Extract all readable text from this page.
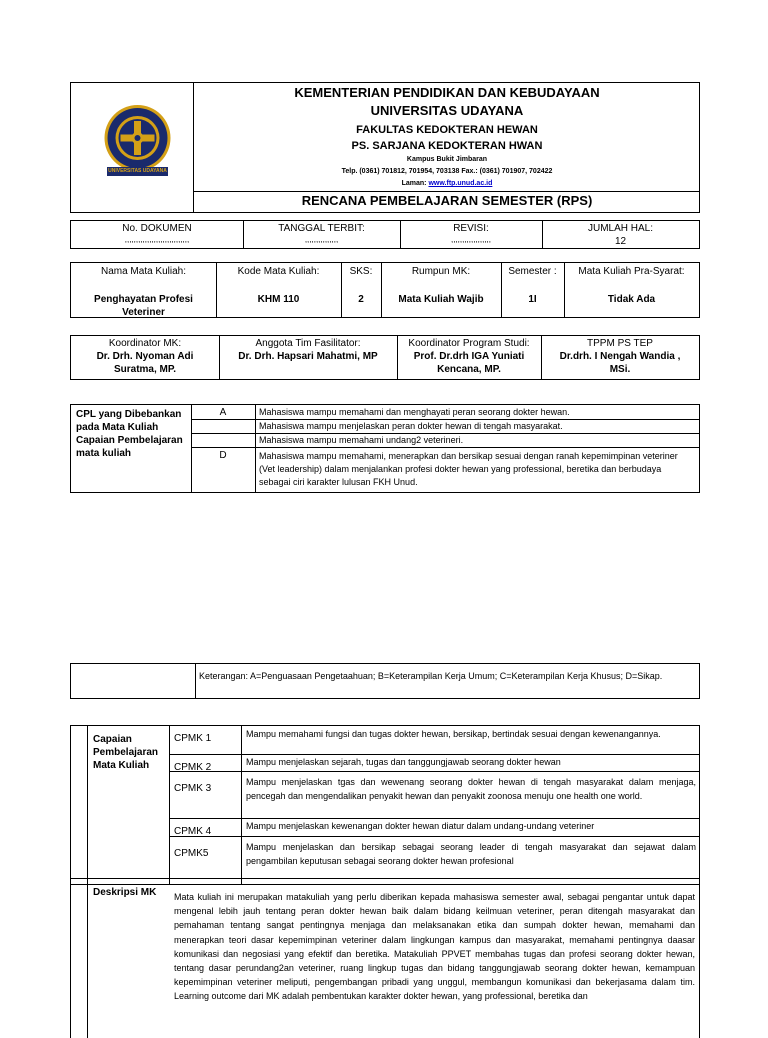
UNIVERSITAS UDAYANA
KEMENTERIAN PENDIDIKAN DAN KEBUDAYAAN
UNIVERSITAS UDAYANA
FAKULTAS KEDOKTERAN HEWAN
PS. SARJANA KEDOKTERAN HWAN
Kampus Bukit Jimbaran
Telp. (0361) 701812, 701954, 703138 Fax.: (0361) 701907, 702422
Laman: www.ftp.unud.ac.id
RENCANA PEMBELAJARAN SEMESTER (RPS)
No. DOKUMEN
,,,,,,,,,,,,,,,,,,,,,,,,,,,,,
TANGGAL TERBIT:
,,,,,,,,,,,,,,,
REVISI:
,,,,,,,,,,,,,,,,,,
JUMLAH HAL:
12
Nama Mata Kuliah:
Penghayatan Profesi Veteriner
Kode Mata Kuliah:
KHM 110
SKS:
2
Rumpun MK:
Mata Kuliah Wajib
Semester :
1I
Mata Kuliah Pra-Syarat:
Tidak Ada
Koordinator MK:
Dr. Drh. Nyoman Adi Suratma, MP.
Anggota Tim Fasilitator:
Dr. Drh. Hapsari Mahatmi, MP
Koordinator Program Studi:
Prof. Dr.drh IGA Yuniati Kencana, MP.
TPPM PS TEP
Dr.drh. I Nengah Wandia , MSi.
CPL yang Dibebankan pada Mata Kuliah Capaian Pembelajaran mata kuliah
A	Mahasiswa mampu memahami dan menghayati peran seorang dokter hewan.
Mahasiswa mampu menjelaskan peran dokter hewan di tengah masyarakat.
Mahasiswa mampu memahami undang2 veterineri.
D	Mahasiswa mampu memahami, menerapkan dan bersikap sesuai dengan ranah kepemimpinan veteriner (Vet leadership) dalam menjalankan profesi dokter hewan yang professional, beretika dan berbudaya sebagai ciri karakter lulusan FKH Unud.
Keterangan: A=Penguasaan Pengetaahuan; B=Keterampilan Kerja Umum; C=Keterampilan Kerja Khusus; D=Sikap.
Capaian Pembelajaran Mata Kuliah
CPMK 1	Mampu memahami fungsi dan tugas dokter hewan, bersikap, bertindak sesuai dengan kewenangannya.
CPMK 2	Mampu menjelaskan sejarah, tugas dan tanggungjawab seorang dokter hewan
CPMK 3
Mampu menjelaskan tgas dan wewenang seorang dokter hewan di tengah masyarakat dalam menjaga, pencegah dan mengendalikan penyakit hewan dan penyakit zoonosa menuju one health one world.
CPMK 4	Mampu menjelaskan kewenangan dokter hewan diatur dalam undang-undang veteriner
CPMK5
Mampu menjelaskan dan bersikap sebagai seorang leader di tengah masyarakat dan sejawat dalam pengambilan keputusan sebagai seorang dokter hewan profesional
Deskripsi MK	Mata kuliah ini merupakan matakuliah yang perlu diberikan kepada mahasiswa semester awal, sebagai pengantar untuk dapat mengenal lebih jauh tentang peran dokter hewan baik dalam bidang keilmuan veteriner, peran ditengah masyarakat dan pemahaman tentang sangat pentingnya menjaga dan melaksanakan etika dan sumpah dokter hewan, memahami dan menerapkan teori dasar kepemimpinan veteriner dalam lingkungan kampus dan masyarakat, memahami pentingnya daasar komunikasi dan negosiasi yang efektif dan beretika. Matakuliah PPVET membahas tugas dan profesi seorang dokter hewan, tentang dasar perundang2an veteriner, ruang lingkup tugas dan bidang tanggungjawab seorang dokter hewan, kemampuan kepemimpinan veteriner meliputi, pengembangan pribadi yang unggul, membangun komunikasi dan bekerjasama dalam tim. Learning outcome dari MK adalah pembentukan karakter dokter hewan, yang professional, beretika dan
